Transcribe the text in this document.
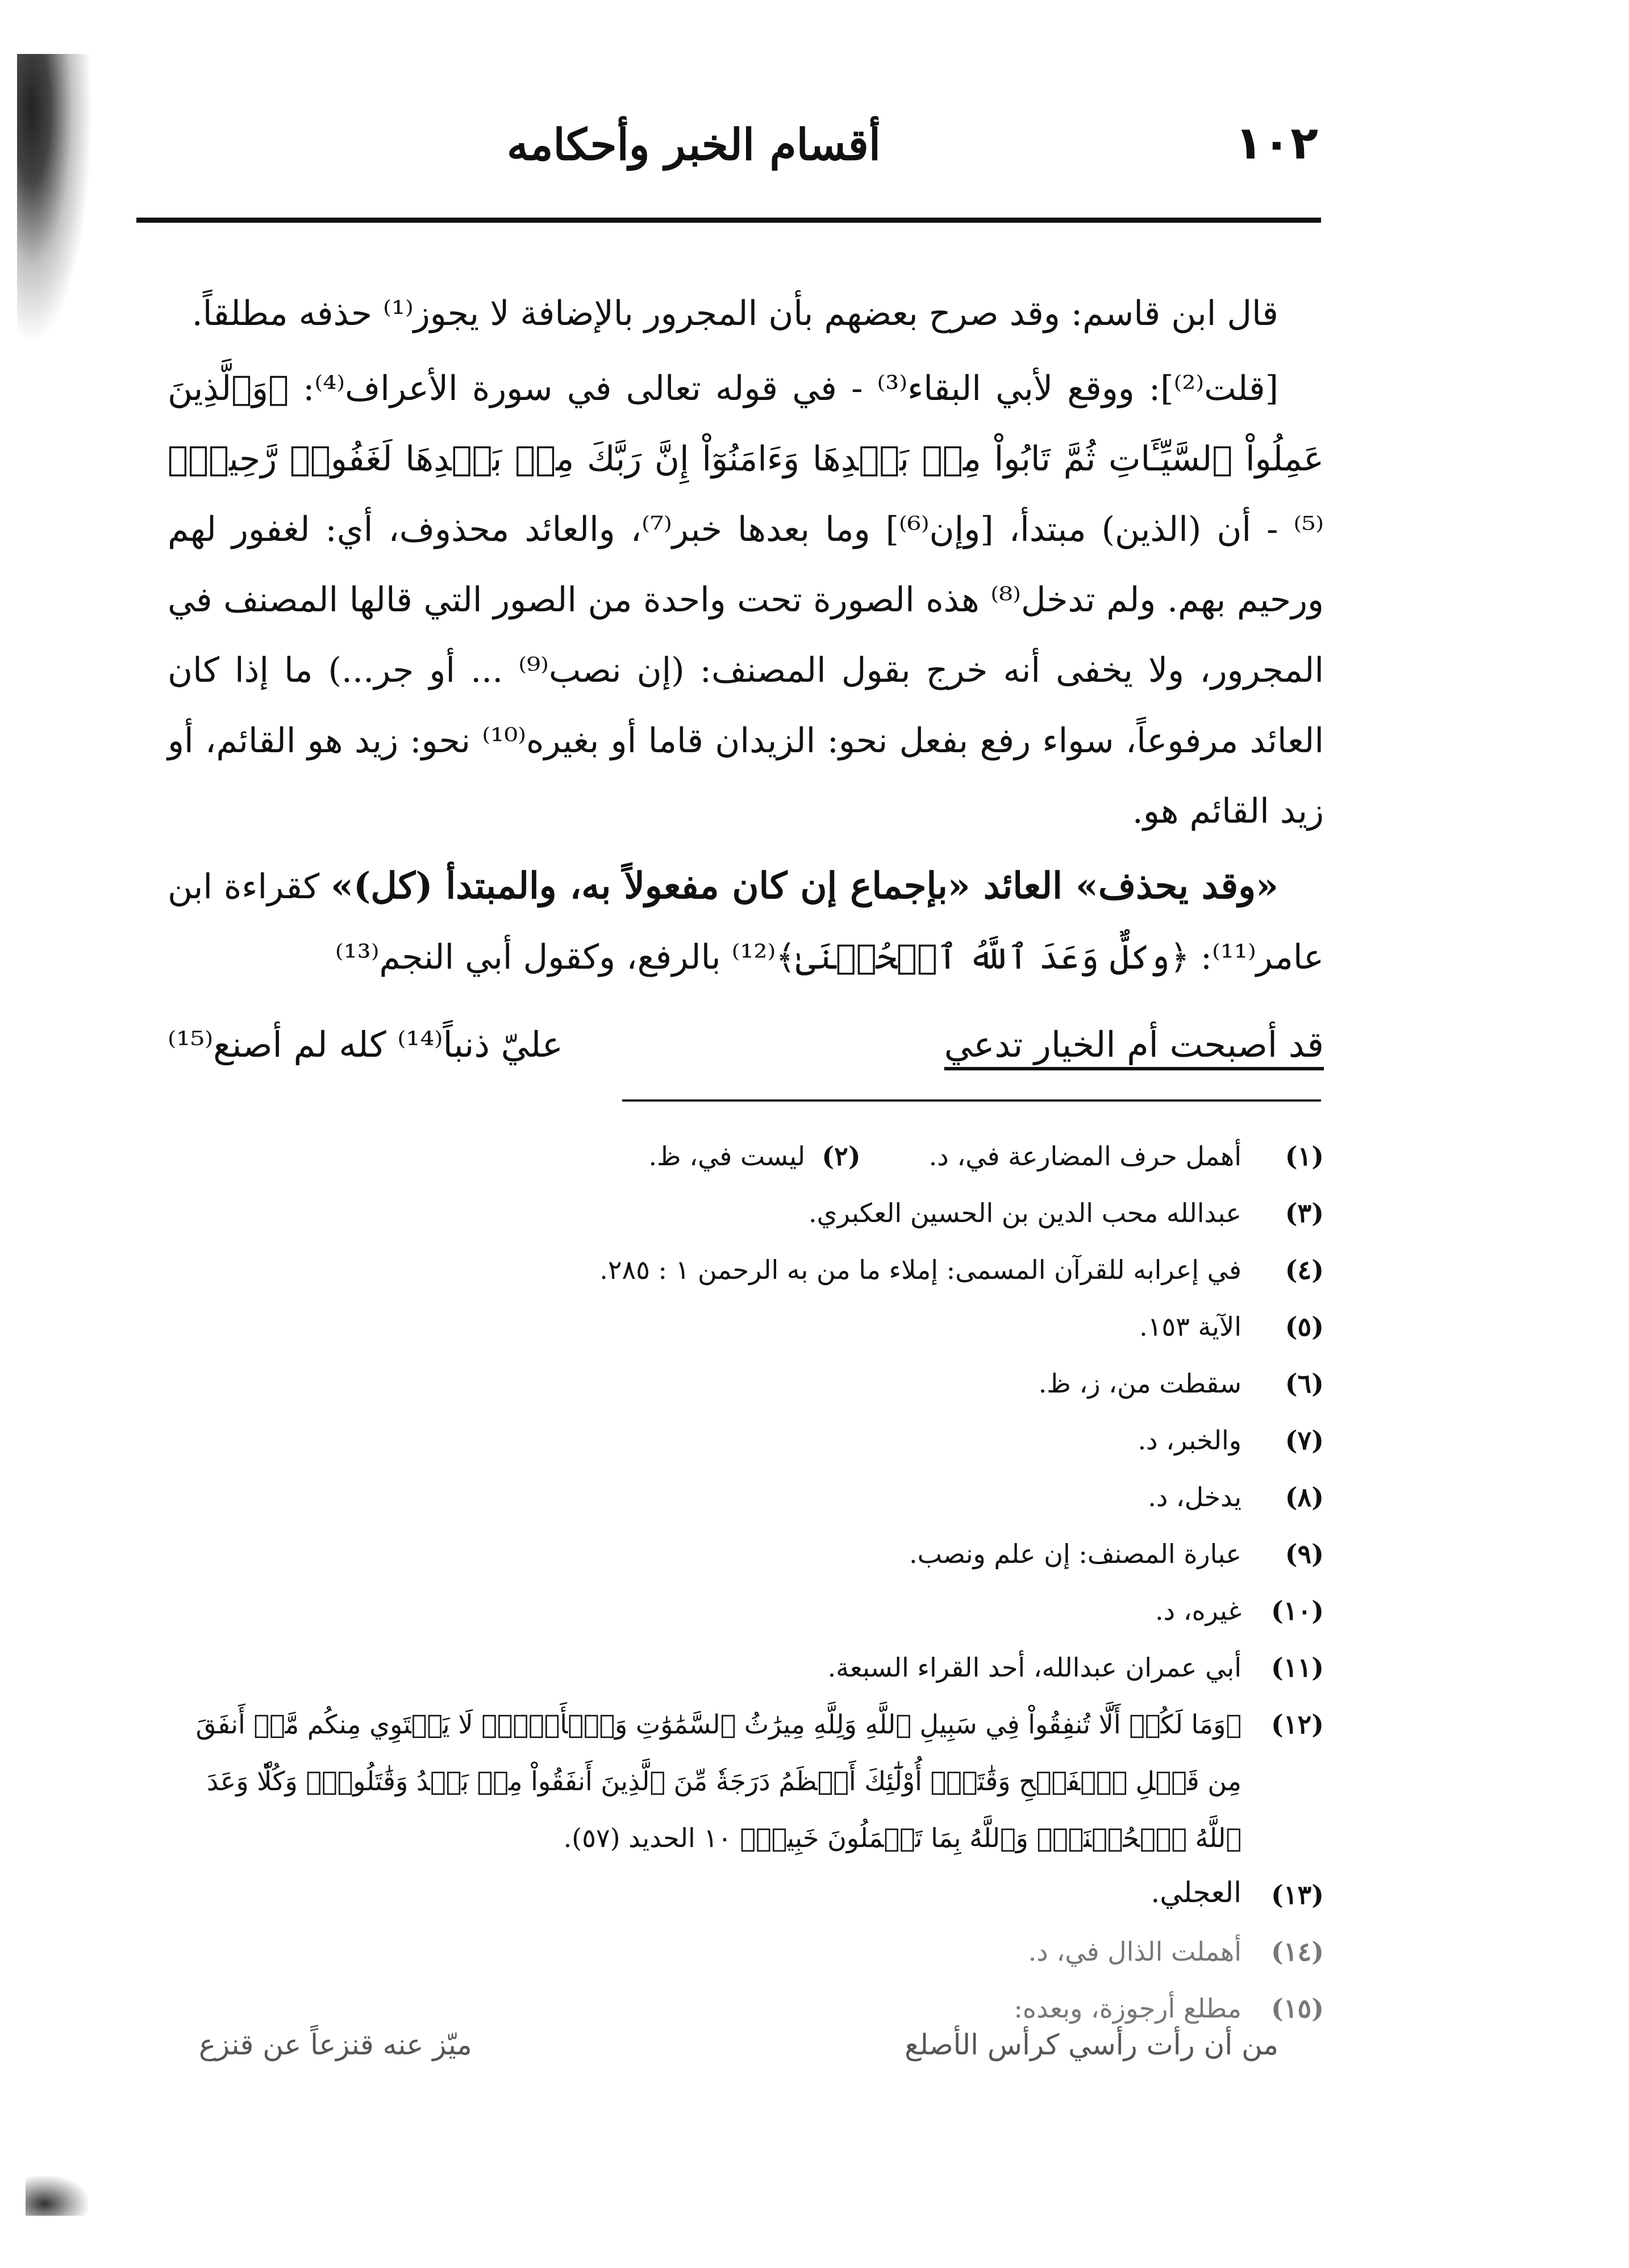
١٠٢
أقسام الخبر وأحكامه

قال ابن قاسم: وقد صرح بعضهم بأن المجرور بالإضافة لا يجوز⁽¹⁾ حذفه مطلقاً.

[قلت⁽²⁾]: ووقع لأبي البقاء⁽³⁾ - في قوله تعالى في سورة الأعراف⁽⁴⁾: ﴿وَٱلَّذِينَ عَمِلُواْ ٱلسَّيِّـَٔاتِ ثُمَّ تَابُواْ مِنۢ بَعۡدِهَا وَءَامَنُوٓاْ إِنَّ رَبَّكَ مِنۢ بَعۡدِهَا لَغَفُورٞ رَّحِيمٞ﴾⁽⁵⁾ - أن (الذين) مبتدأ، [وإن⁽⁶⁾] وما بعدها خبر⁽⁷⁾، والعائد محذوف، أي: لغفور لهم ورحيم بهم. ولم تدخل⁽⁸⁾ هذه الصورة تحت واحدة من الصور التي قالها المصنف في المجرور، ولا يخفى أنه خرج بقول المصنف: (إن نصب⁽⁹⁾ ... أو جر...) ما إذا كان العائد مرفوعاً، سواء رفع بفعل نحو: الزيدان قاما أو بغيره⁽¹⁰⁾ نحو: زيد هو القائم، أو زيد القائم هو.

«وقد يحذف» العائد «بإجماع إن كان مفعولاً به، والمبتدأ (كل)» كقراءة ابن عامر⁽¹¹⁾: ﴿وكلٌّ وَعَدَ ٱللَّهُ ٱلۡحُسۡنَىٰ﴾⁽¹²⁾ بالرفع، وكقول أبي النجم⁽¹³⁾

قد أصبحت أم الخيار تدعي
عليّ ذنباً⁽¹⁴⁾ كله لم أصنع⁽¹⁵⁾

(١)
أهمل حرف المضارعة في، د.(٢)  ليست في، ظ.
(٣)
عبدالله محب الدين بن الحسين العكبري.
(٤)
في إعرابه للقرآن المسمى: إملاء ما من به الرحمن ١ : ٢٨٥.
(٥)
الآية ١٥٣.
(٦)
سقطت من، ز، ظ.
(٧)
والخبر، د.
(٨)
يدخل، د.
(٩)
عبارة المصنف: إن علم ونصب.
(١٠)
غيره، د.
(١١)
أبي عمران عبدالله، أحد القراء السبعة.
(١٢)
﴿وَمَا لَكُمۡ أَلَّا تُنفِقُواْ فِي سَبِيلِ ٱللَّهِ وَلِلَّهِ مِيرَٰثُ ٱلسَّمَٰوَٰتِ وَٱلۡأَرۡضِۚ لَا يَسۡتَوِي مِنكُم مَّنۡ أَنفَقَ مِن قَبۡلِ ٱلۡفَتۡحِ وَقَٰتَلَۚ أُوْلَٰٓئِكَ أَعۡظَمُ دَرَجَةٗ مِّنَ ٱلَّذِينَ أَنفَقُواْ مِنۢ بَعۡدُ وَقَٰتَلُواْۚ وَكُلّٗا وَعَدَ ٱللَّهُ ٱلۡحُسۡنَىٰۚ وَٱللَّهُ بِمَا تَعۡمَلُونَ خَبِيرٞ﴾ ١٠ الحديد (٥٧).
(١٣)
العجلي.
(١٤)
أهملت الذال في، د.
(١٥)
مطلع أرجوزة، وبعده:
من أن رأت رأسي كرأس الأصلع
ميّز عنه قنزعاً عن قنزع
